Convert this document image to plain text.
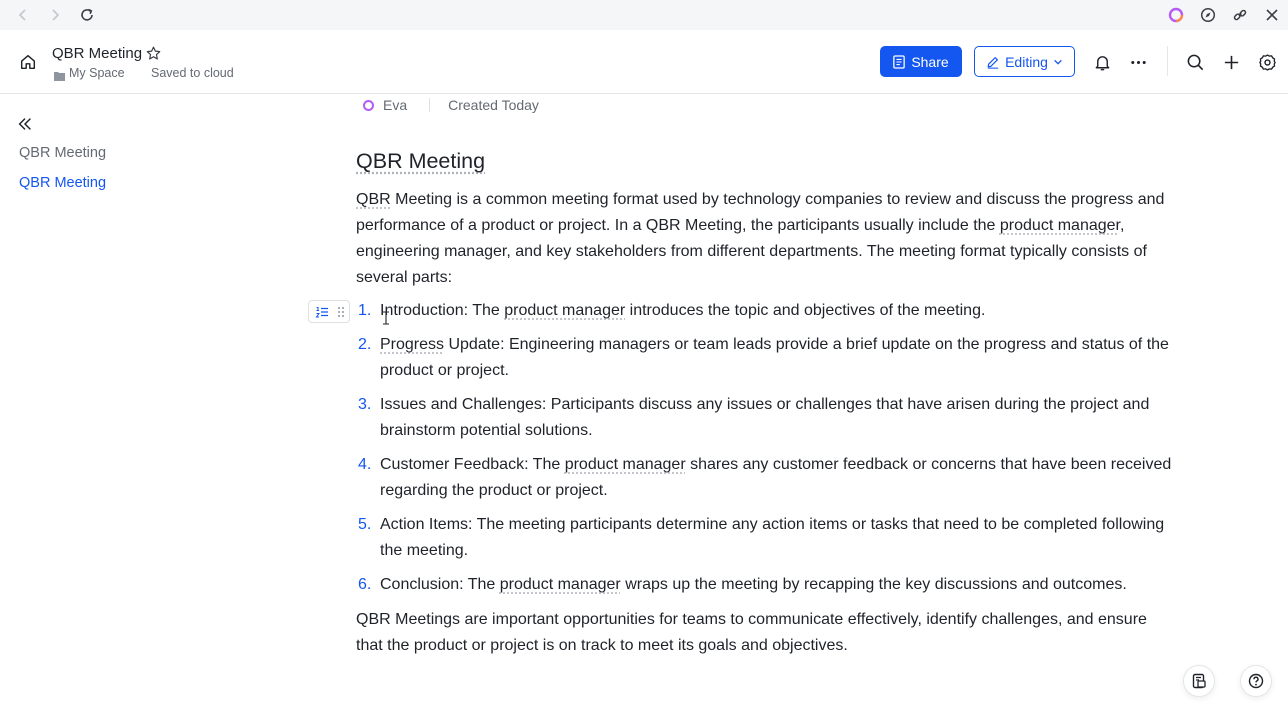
QBR Meeting
My Space Saved to cloud
Share	Editing
QBR Meeting
QBR Meeting
Eva	Created Today
QBR Meeting
QBR Meeting is a common meeting format used by technology companies to review and discuss the progress and performance of a product or project. In a QBR Meeting, the participants usually include the product manager, engineering manager, and key stakeholders from different departments. The meeting format typically consists of several parts:
1. Introduction: The product manager introduces the topic and objectives of the meeting.
2. Progress Update: Engineering managers or team leads provide a brief update on the progress and status of the product or project.
3. Issues and Challenges: Participants discuss any issues or challenges that have arisen during the project and brainstorm potential solutions.
4. Customer Feedback: The product manager shares any customer feedback or concerns that have been received regarding the product or project.
5. Action Items: The meeting participants determine any action items or tasks that need to be completed following the meeting.
6. Conclusion: The product manager wraps up the meeting by recapping the key discussions and outcomes.
QBR Meetings are important opportunities for teams to communicate effectively, identify challenges, and ensure that the product or project is on track to meet its goals and objectives.
